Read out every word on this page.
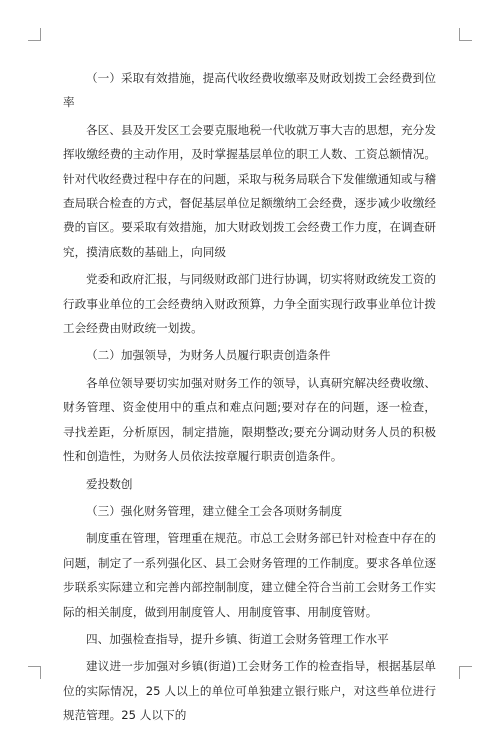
（一）采取有效措施，提高代收经费收缴率及财政划拨工会经费到位率

各区、县及开发区工会要克服地税一代收就万事大吉的思想，充分发挥收缴经费的主动作用，及时掌握基层单位的职工人数、工资总额情况。针对代收经费过程中存在的问题，采取与税务局联合下发催缴通知或与稽查局联合检查的方式，督促基层单位足额缴纳工会经费，逐步减少收缴经费的盲区。要采取有效措施，加大财政划拨工会经费工作力度，在调查研究，摸清底数的基础上，向同级

党委和政府汇报，与同级财政部门进行协调，切实将财政统发工资的行政事业单位的工会经费纳入财政预算，力争全面实现行政事业单位计拨工会经费由财政统一划拨。

（二）加强领导，为财务人员履行职责创造条件

各单位领导要切实加强对财务工作的领导，认真研究解决经费收缴、财务管理、资金使用中的重点和难点问题;要对存在的问题，逐一检查，寻找差距，分析原因，制定措施，限期整改;要充分调动财务人员的积极性和创造性，为财务人员依法按章履行职责创造条件。

爱投数创

（三）强化财务管理，建立健全工会各项财务制度

制度重在管理，管理重在规范。市总工会财务部已针对检查中存在的问题，制定了一系列强化区、县工会财务管理的工作制度。要求各单位逐步联系实际建立和完善内部控制制度，建立健全符合当前工会财务工作实际的相关制度，做到用制度管人、用制度管事、用制度管财。

四、加强检查指导，提升乡镇、街道工会财务管理工作水平

建议进一步加强对乡镇(街道)工会财务工作的检查指导，根据基层单位的实际情况，25 人以上的单位可单独建立银行账户，对这些单位进行规范管理。25 人以下的
